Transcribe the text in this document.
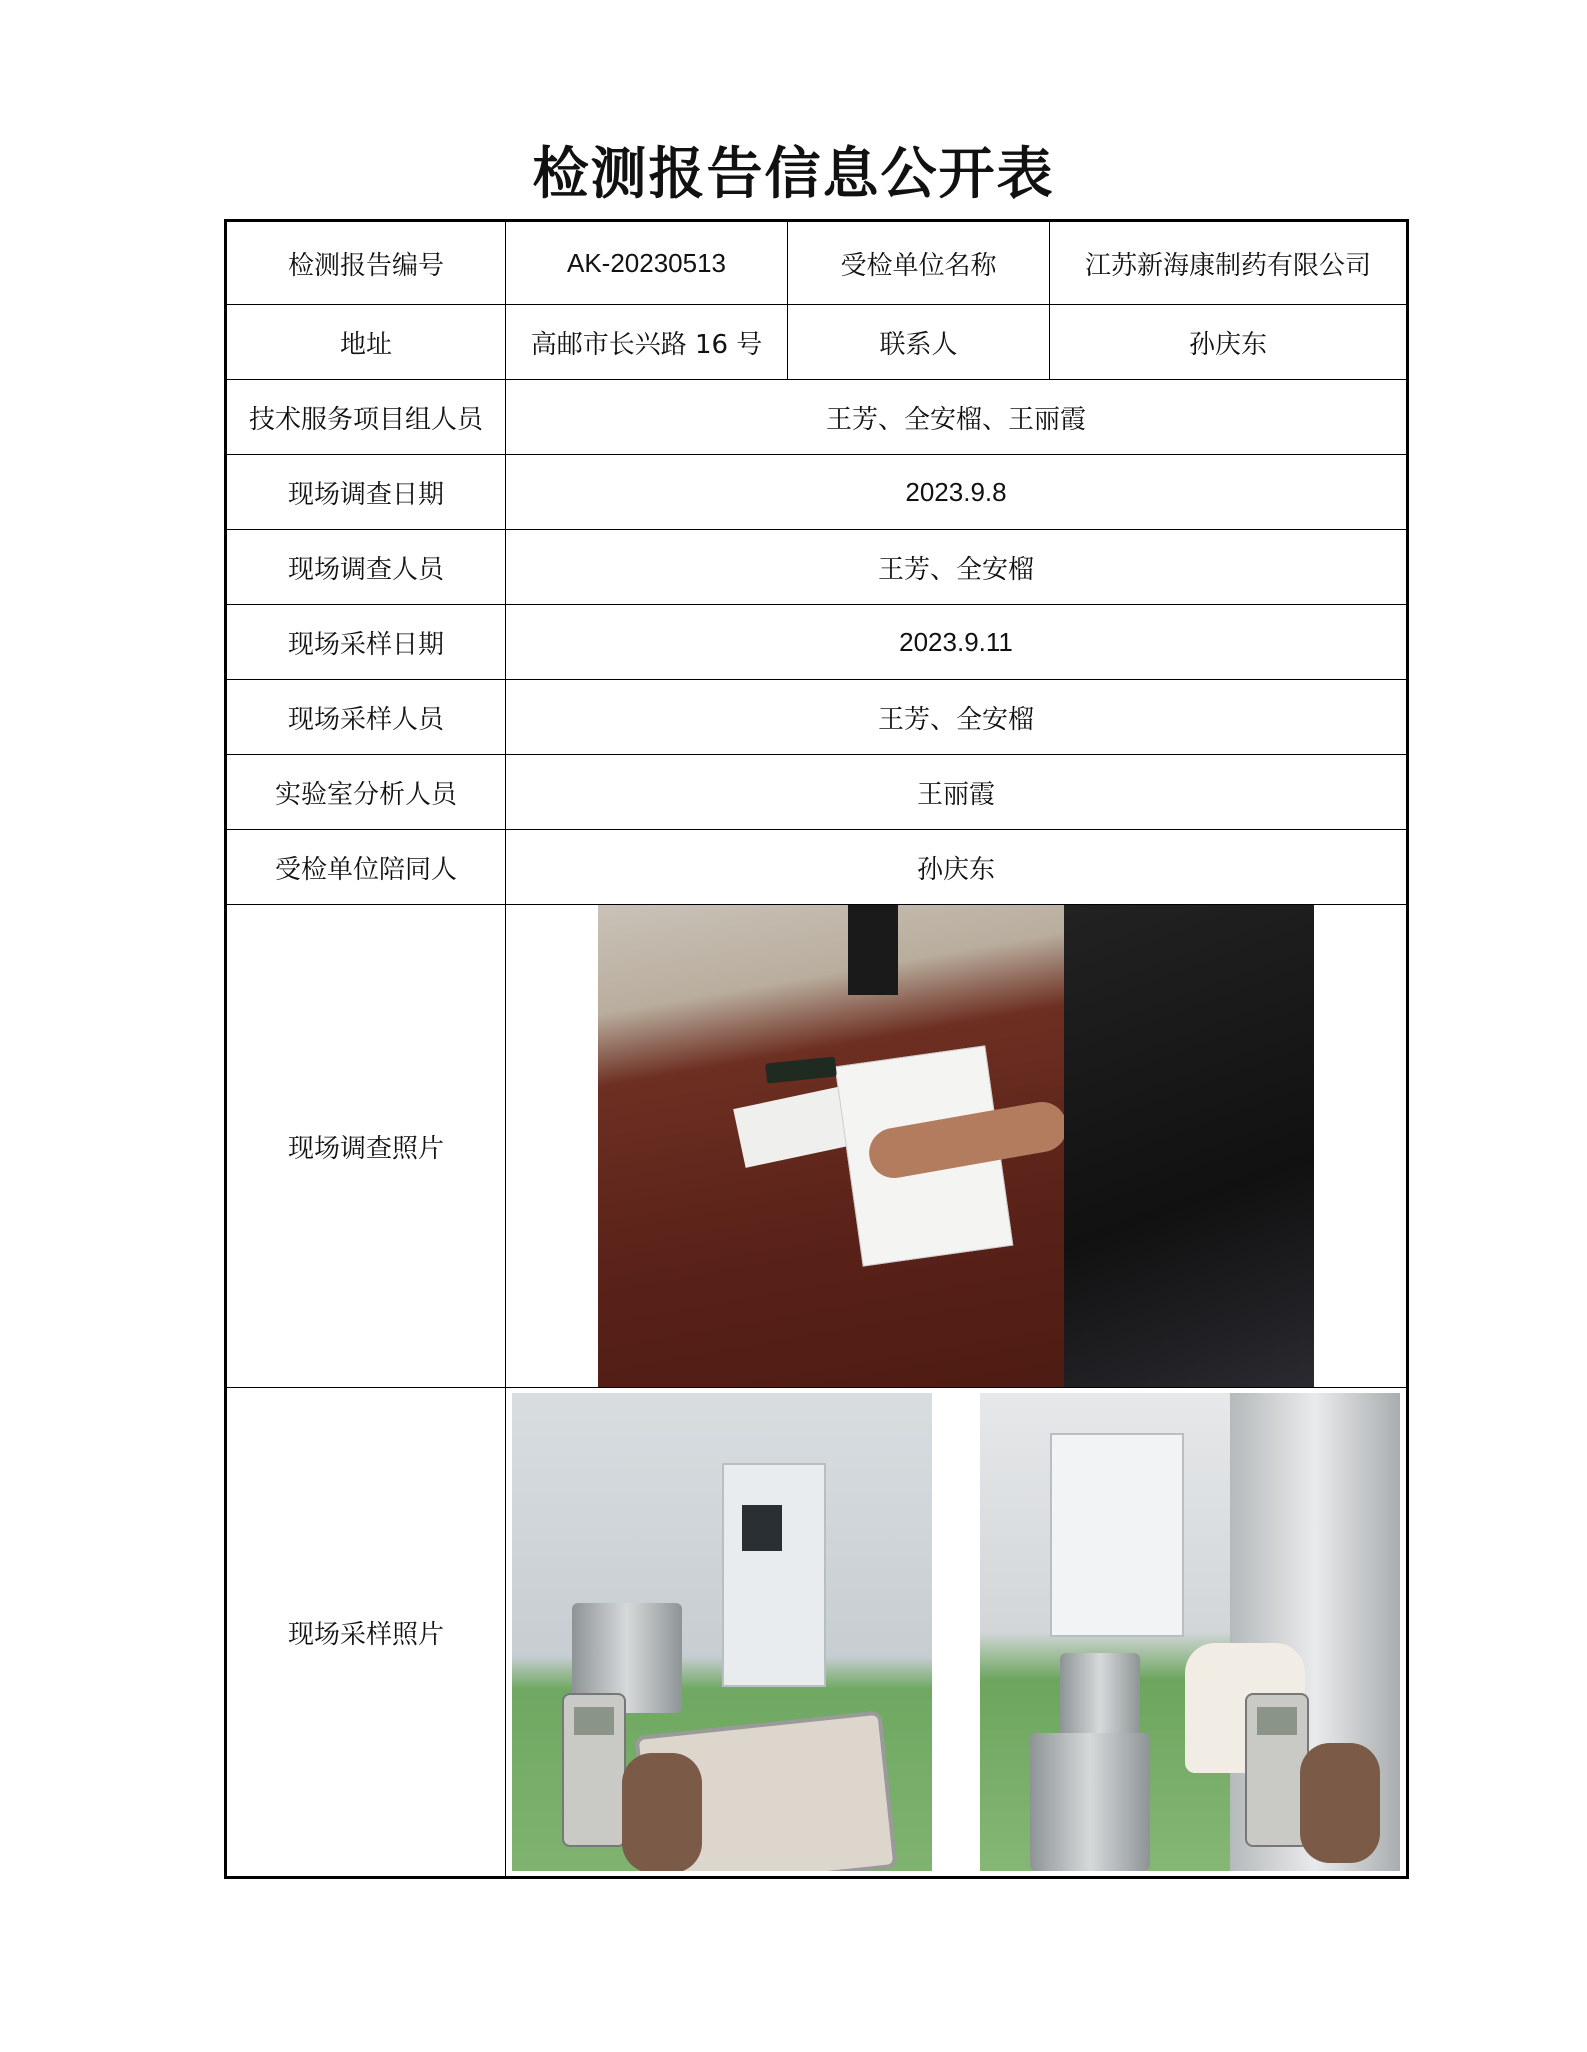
检测报告信息公开表
检测报告编号	AK-20230513	受检单位名称	江苏新海康制药有限公司
地址	高邮市长兴路 16 号	联系人	孙庆东
技术服务项目组人员	王芳、全安榴、王丽霞		
现场调查日期	2023.9.8		
现场调查人员	王芳、全安榴		
现场采样日期	2023.9.11		
现场采样人员	王芳、全安榴		
实验室分析人员	王丽霞		
受检单位陪同人	孙庆东		
现场调查照片			

现场采样照片			
